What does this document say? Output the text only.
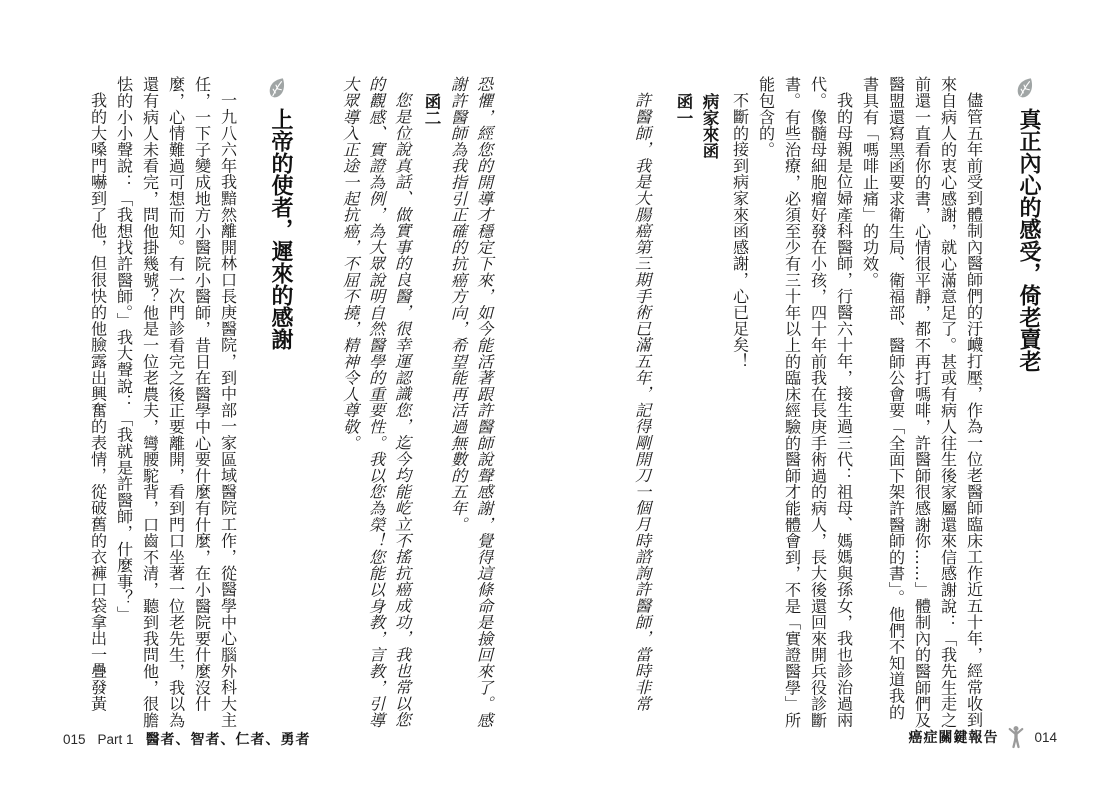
真正內心的感受，倚老賣老

儘管五年前受到體制內醫師們的汙衊打壓，作為一位老醫師臨床工作近五十年，經常收到來自病人的衷心感謝，就心滿意足了。甚或有病人往生後家屬還來信感謝說：「我先生走之前還一直看你的書，心情很平靜，都不再打嗎啡，許醫師很感謝你……」體制內的醫師們及醫盟還寫黑函要求衛生局、衛福部、醫師公會要「全面下架許醫師的書」。他們不知道我的書具有「嗎啡止痛」的功效。

我的母親是位婦產科醫師，行醫六十年，接生過三代：祖母、媽媽與孫女，我也診治過兩代。像髓母細胞瘤好發在小孩，四十年前我在長庚手術過的病人，長大後還回來開兵役診斷書。有些治療，必須至少有三十年以上的臨床經驗的醫師才能體會到，不是「實證醫學」所能包含的。

不斷的接到病家來函感謝，心已足矣！

病家來函
函一

許醫師，我是大腸癌第三期手術已滿五年，記得剛開刀一個月時諮詢許醫師，當時非常

恐懼，經您的開導才穩定下來，如今能活著跟許醫師說聲感謝，覺得這條命是撿回來了。感謝許醫師為我指引正確的抗癌方向，希望能再活過無數的五年。

函二

您是位說真話、做實事的良醫，很幸運認識您，迄今均能屹立不搖抗癌成功，我也常以您的觀感、實證為例，為大眾說明自然醫學的重要性。我以您為榮！您能以身教，言教，引導大眾導入正途一起抗癌，不屈不撓，精神令人尊敬。

上帝的使者，遲來的感謝

一九八六年我黯然離開林口長庚醫院，到中部一家區域醫院工作，從醫學中心腦外科大主任，一下子變成地方小醫院小醫師，昔日在醫學中心要什麼有什麼，在小醫院要什麼沒什麼，心情難過可想而知。有一次門診看完之後正要離開，看到門口坐著一位老先生，我以為還有病人未看完，問他掛幾號？他是一位老農夫，彎腰駝背，口齒不清，聽到我問他，很膽怯的小小聲說：「我想找許醫師。」我大聲說：「我就是許醫師，什麼事？」

我的大嗓門嚇到了他，但很快的他臉露出興奮的表情，從破舊的衣褲口袋拿出一疊發黃

015 Part 1 醫者、智者、仁者、勇者	癌症關鍵報告	014
